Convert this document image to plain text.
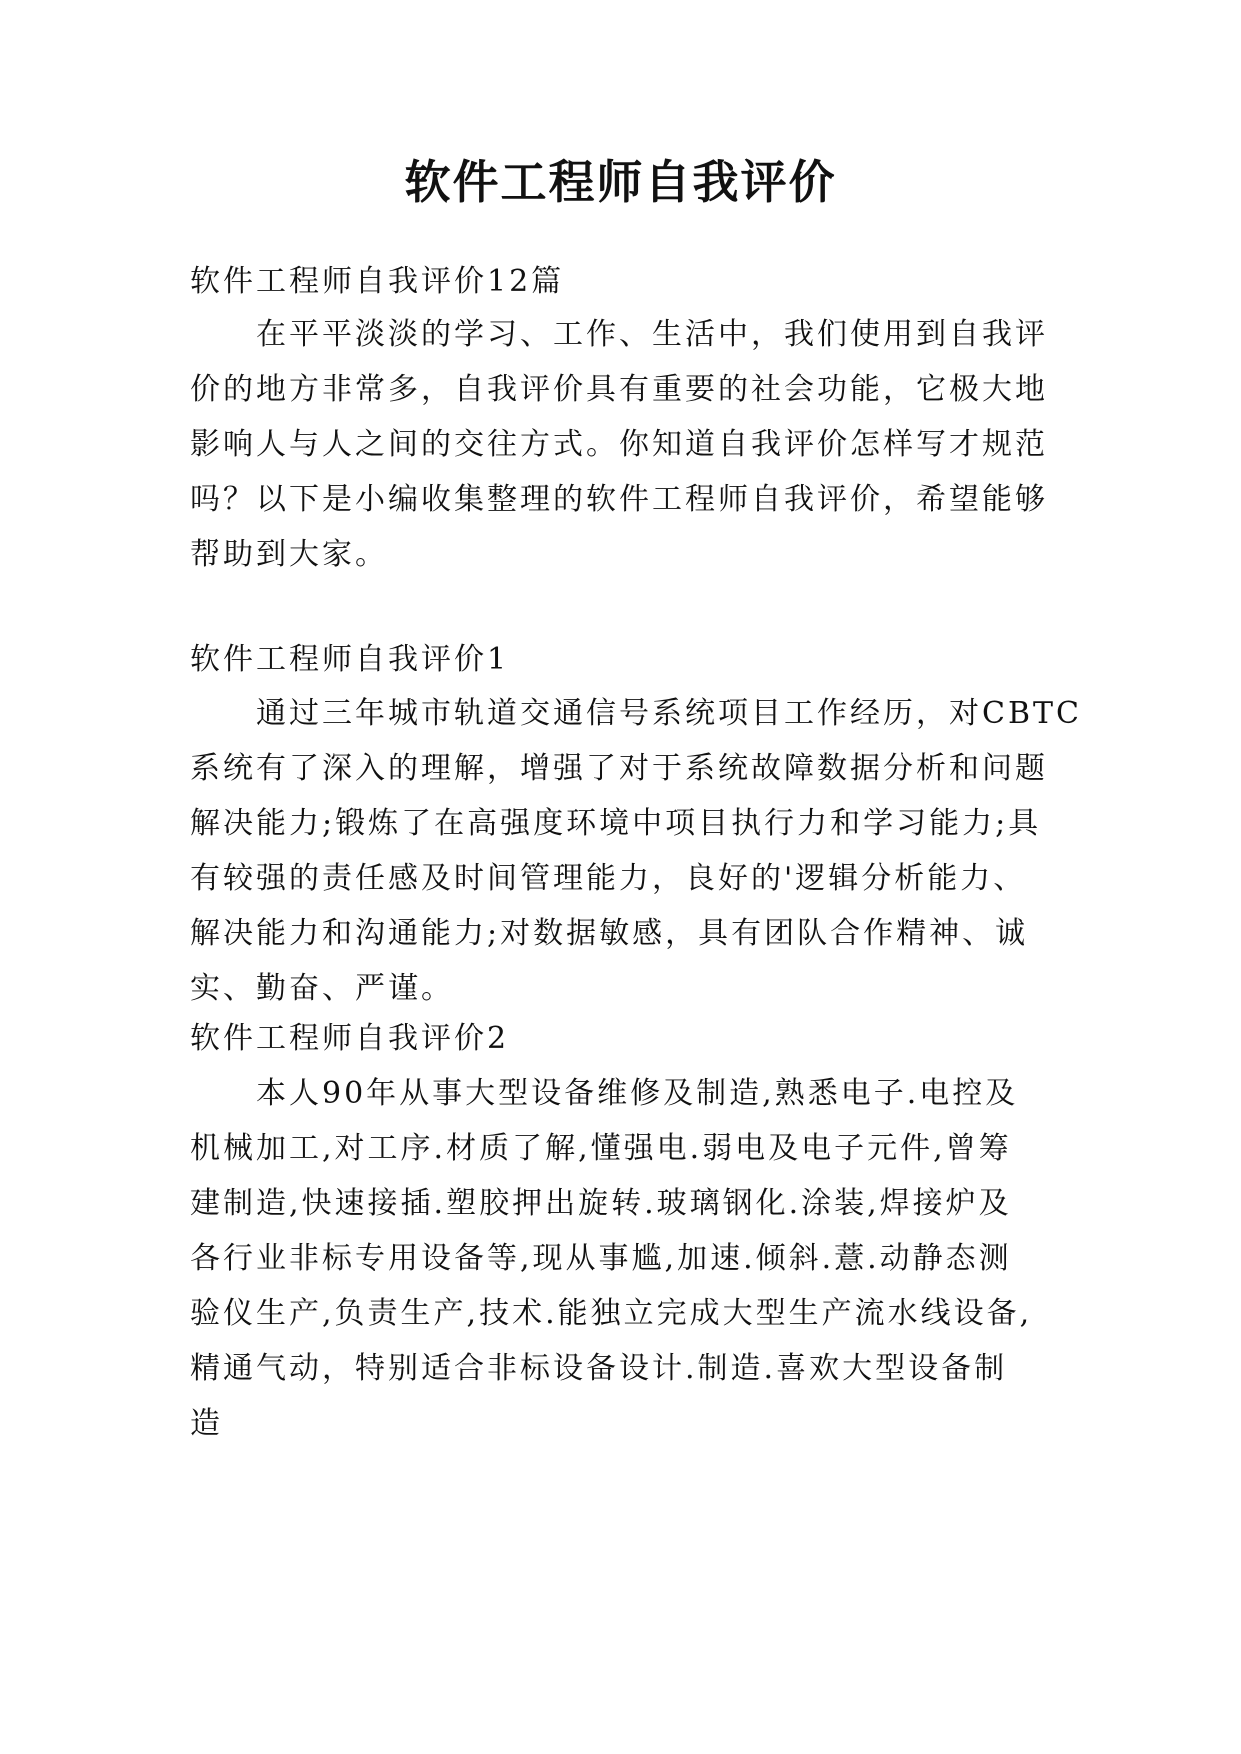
软件工程师自我评价
软件工程师自我评价12篇
在平平淡淡的学习、工作、生活中，我们使用到自我评
价的地方非常多，自我评价具有重要的社会功能，它极大地
影响人与人之间的交往方式。你知道自我评价怎样写才规范
吗？以下是小编收集整理的软件工程师自我评价，希望能够
帮助到大家。
软件工程师自我评价1
通过三年城市轨道交通信号系统项目工作经历，对CBTC
系统有了深入的理解，增强了对于系统故障数据分析和问题
解决能力;锻炼了在高强度环境中项目执行力和学习能力;具
有较强的责任感及时间管理能力，良好的'逻辑分析能力、
解决能力和沟通能力;对数据敏感，具有团队合作精神、诚
实、勤奋、严谨。
软件工程师自我评价2
本人90年从事大型设备维修及制造,熟悉电子.电控及
机械加工,对工序.材质了解,懂强电.弱电及电子元件,曾筹
建制造,快速接插.塑胶押出旋转.玻璃钢化.涂装,焊接炉及
各行业非标专用设备等,现从事尴,加速.倾斜.薏.动静态测
验仪生产,负责生产,技术.能独立完成大型生产流水线设备,
精通气动，特别适合非标设备设计.制造.喜欢大型设备制
造
